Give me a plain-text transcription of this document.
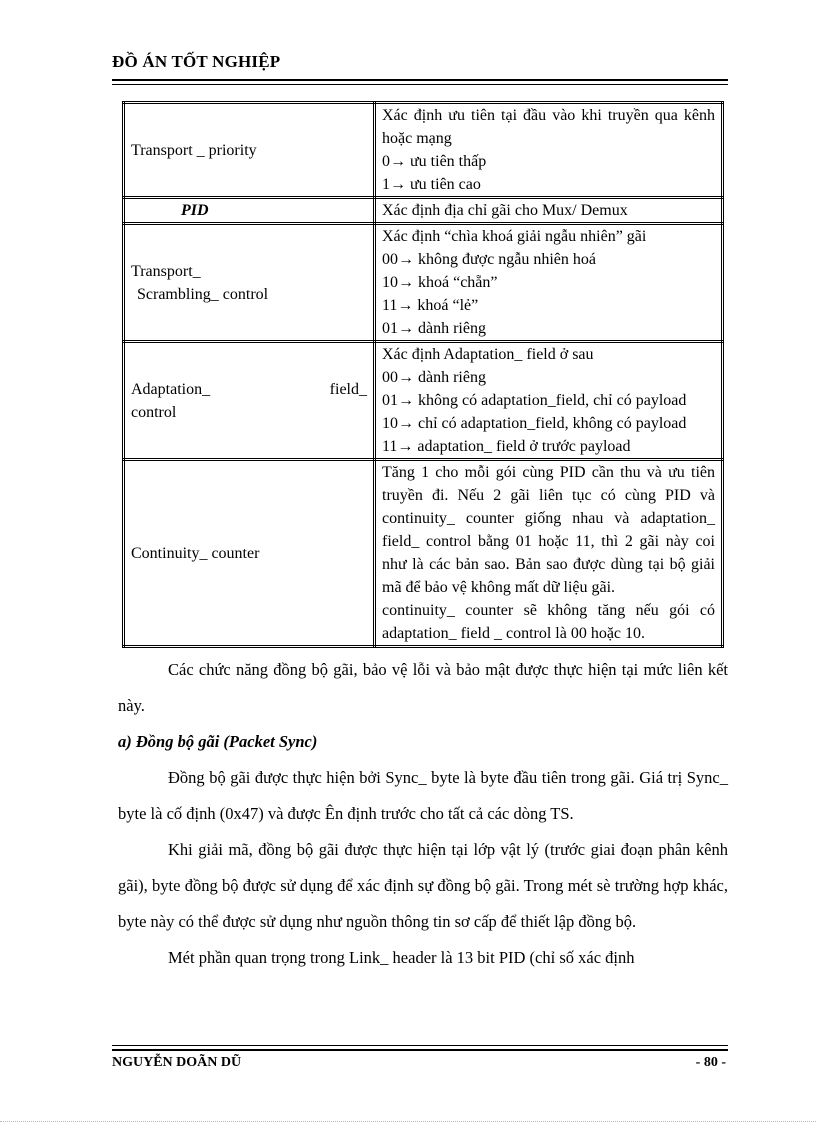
ĐỒ ÁN TỐT NGHIỆP
Transport _ priority	Xác định ưu tiên tại đầu vào khi truyền qua kênh hoặc mạng
0→ ưu tiên thấp
1→ ưu tiên cao

PID	Xác định địa chỉ gãi cho Mux/ Demux

Transport_
Scrambling_ control	Xác định “chìa khoá giải ngẫu nhiên” gãi
00→ không được ngẫu nhiên hoá
10→ khoá “chẵn”
11→ khoá “lẻ”
01→ dành riêng

Adaptation_ field_
control	Xác định Adaptation_ field ở sau
00→ dành riêng
01→ không có adaptation_field, chỉ có payload
10→ chỉ có adaptation_field, không có payload
11→ adaptation_ field ở trước payload

Continuity_ counter	Tăng 1 cho mỗi gói cùng PID cần thu và ưu tiên truyền đi. Nếu 2 gãi liên tục có cùng PID và continuity_ counter giống nhau và adaptation_ field_ control bằng 01 hoặc 11, thì 2 gãi này coi như là các bản sao. Bản sao được dùng tại bộ giải mã để bảo vệ không mất dữ liệu gãi.
continuity_ counter sẽ không tăng nếu gói có adaptation_ field _ control là 00 hoặc 10.

Các chức năng đồng bộ gãi, bảo vệ lỗi và bảo mật được thực hiện tại mức liên kết này.

a) Đồng bộ gãi (Packet Sync)

Đồng bộ gãi được thực hiện bởi Sync_ byte là byte đầu tiên trong gãi. Giá trị Sync_ byte là cố định (0x47) và được Ên định trước cho tất cả các dòng TS.

Khi giải mã, đồng bộ gãi được thực hiện tại lớp vật lý (trước giai đoạn phân kênh gãi), byte đồng bộ được sử dụng để xác định sự đồng bộ gãi. Trong mét sè trường hợp khác, byte này có thể được sử dụng như nguồn thông tin sơ cấp để thiết lập đồng bộ.

Mét phần quan trọng trong Link_ header là 13 bit PID (chỉ số xác định

NGUYỄN DOÃN DŨ	- 80 -
